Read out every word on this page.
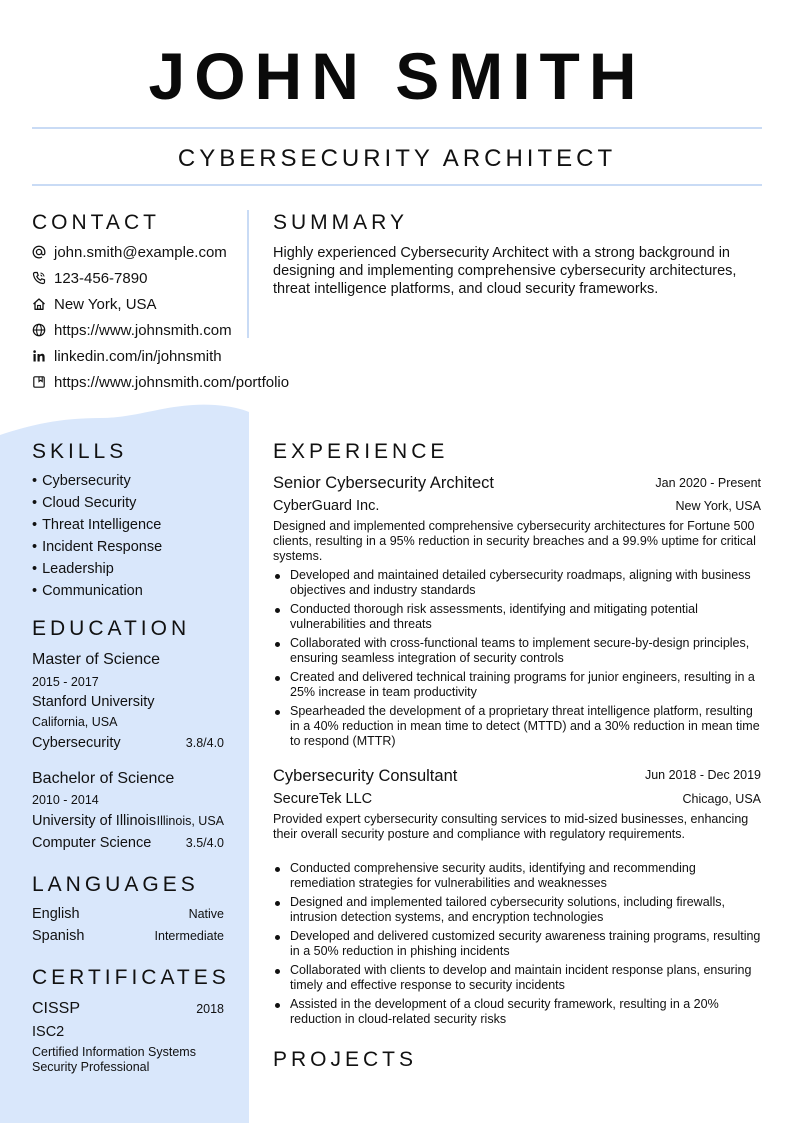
JOHN SMITH
CYBERSECURITY ARCHITECT
CONTACT
john.smith@example.com
123-456-7890
New York, USA
https://www.johnsmith.com
linkedin.com/in/johnsmith
https://www.johnsmith.com/portfolio
SUMMARY
Highly experienced Cybersecurity Architect with a strong background in designing and implementing comprehensive cybersecurity architectures, threat intelligence platforms, and cloud security frameworks.
SKILLS
• Cybersecurity
• Cloud Security
• Threat Intelligence
• Incident Response
• Leadership
• Communication
EDUCATION
Master of Science
2015 - 2017
Stanford University
California, USA
Cybersecurity	3.8/4.0
Bachelor of Science
2010 - 2014
University of Illinois Illinois, USA
Computer Science	3.5/4.0
LANGUAGES
English	Native
Spanish	Intermediate
CERTIFICATES
CISSP	2018
ISC2
Certified Information Systems Security Professional
EXPERIENCE
Senior Cybersecurity Architect	Jan 2020 - Present
CyberGuard Inc.	New York, USA
Designed and implemented comprehensive cybersecurity architectures for Fortune 500 clients, resulting in a 95% reduction in security breaches and a 99.9% uptime for critical systems.
Developed and maintained detailed cybersecurity roadmaps, aligning with business objectives and industry standards
Conducted thorough risk assessments, identifying and mitigating potential vulnerabilities and threats
Collaborated with cross-functional teams to implement secure-by-design principles, ensuring seamless integration of security controls
Created and delivered technical training programs for junior engineers, resulting in a 25% increase in team productivity
Spearheaded the development of a proprietary threat intelligence platform, resulting in a 40% reduction in mean time to detect (MTTD) and a 30% reduction in mean time to respond (MTTR)
Cybersecurity Consultant	Jun 2018 - Dec 2019
SecureTek LLC	Chicago, USA
Provided expert cybersecurity consulting services to mid-sized businesses, enhancing their overall security posture and compliance with regulatory requirements.
Conducted comprehensive security audits, identifying and recommending remediation strategies for vulnerabilities and weaknesses
Designed and implemented tailored cybersecurity solutions, including firewalls, intrusion detection systems, and encryption technologies
Developed and delivered customized security awareness training programs, resulting in a 50% reduction in phishing incidents
Collaborated with clients to develop and maintain incident response plans, ensuring timely and effective response to security incidents
Assisted in the development of a cloud security framework, resulting in a 20% reduction in cloud-related security risks
PROJECTS
